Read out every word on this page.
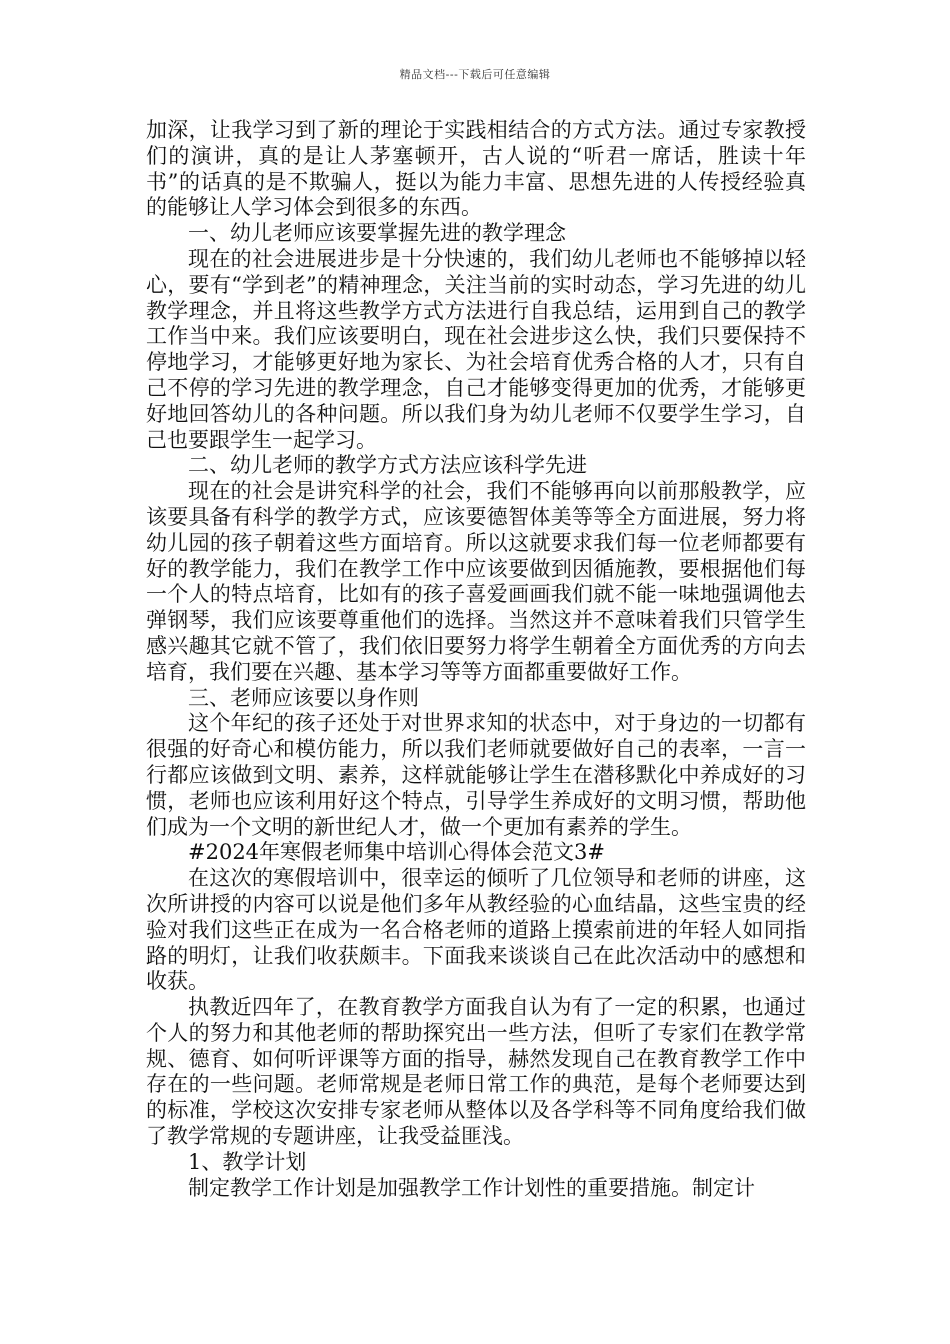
精品文档---下载后可任意编辑

加深，让我学习到了新的理论于实践相结合的方式方法。通过专家教授们的演讲，真的是让人茅塞顿开，古人说的“听君一席话，胜读十年书”的话真的是不欺骗人，挺以为能力丰富、思想先进的人传授经验真的能够让人学习体会到很多的东西。

一、幼儿老师应该要掌握先进的教学理念

现在的社会进展进步是十分快速的，我们幼儿老师也不能够掉以轻心，要有“学到老”的精神理念，关注当前的实时动态，学习先进的幼儿教学理念，并且将这些教学方式方法进行自我总结，运用到自己的教学工作当中来。我们应该要明白，现在社会进步这么快，我们只要保持不停地学习，才能够更好地为家长、为社会培育优秀合格的人才，只有自己不停的学习先进的教学理念，自己才能够变得更加的优秀，才能够更好地回答幼儿的各种问题。所以我们身为幼儿老师不仅要学生学习，自己也要跟学生一起学习。

二、幼儿老师的教学方式方法应该科学先进

现在的社会是讲究科学的社会，我们不能够再向以前那般教学，应该要具备有科学的教学方式，应该要德智体美等等全方面进展，努力将幼儿园的孩子朝着这些方面培育。所以这就要求我们每一位老师都要有好的教学能力，我们在教学工作中应该要做到因循施教，要根据他们每一个人的特点培育，比如有的孩子喜爱画画我们就不能一味地强调他去弹钢琴，我们应该要尊重他们的选择。当然这并不意味着我们只管学生感兴趣其它就不管了，我们依旧要努力将学生朝着全方面优秀的方向去培育，我们要在兴趣、基本学习等等方面都重要做好工作。

三、老师应该要以身作则

这个年纪的孩子还处于对世界求知的状态中，对于身边的一切都有很强的好奇心和模仿能力，所以我们老师就要做好自己的表率，一言一行都应该做到文明、素养，这样就能够让学生在潜移默化中养成好的习惯，老师也应该利用好这个特点，引导学生养成好的文明习惯，帮助他们成为一个文明的新世纪人才，做一个更加有素养的学生。

#2024年寒假老师集中培训心得体会范文3#

在这次的寒假培训中，很幸运的倾听了几位领导和老师的讲座，这次所讲授的内容可以说是他们多年从教经验的心血结晶，这些宝贵的经验对我们这些正在成为一名合格老师的道路上摸索前进的年轻人如同指路的明灯，让我们收获颇丰。下面我来谈谈自己在此次活动中的感想和收获。

执教近四年了，在教育教学方面我自认为有了一定的积累，也通过个人的努力和其他老师的帮助探究出一些方法，但听了专家们在教学常规、德育、如何听评课等方面的指导，赫然发现自己在教育教学工作中存在的一些问题。老师常规是老师日常工作的典范，是每个老师要达到的标准，学校这次安排专家老师从整体以及各学科等不同角度给我们做了教学常规的专题讲座，让我受益匪浅。

1、教学计划

制定教学工作计划是加强教学工作计划性的重要措施。制定计
